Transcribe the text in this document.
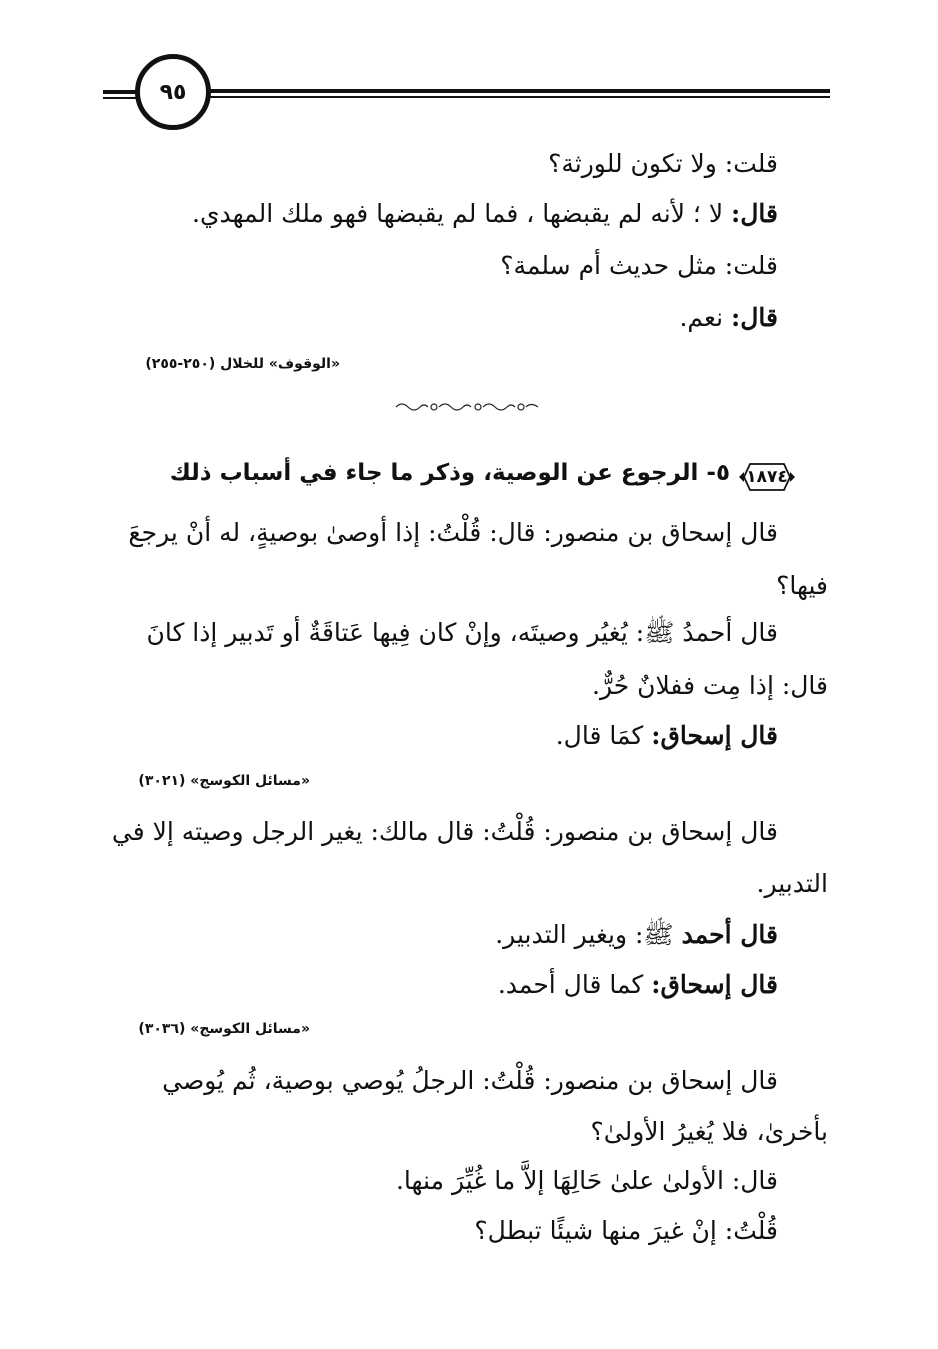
٩٥
قلت: ولا تكون للورثة؟
قال: لا ؛ لأنه لم يقبضها ، فما لم يقبضها فهو ملك المهدي.
قلت: مثل حديث أم سلمة؟
قال: نعم.
«الوقوف» للخلال (٢٥٠-٢٥٥)
١٨٧٤
٥- الرجوع عن الوصية، وذكر ما جاء في أسباب ذلك
قال إسحاق بن منصور: قال: قُلْتُ: إذا أوصىٰ بوصيةٍ، له أنْ يرجعَ
فيها؟
قال أحمدُ ﷺ: يُغيُر وصيتَه، وإنْ كان فِيها عَتاقَةٌ أو تَدبير إذا كانَ
قال: إذا مِت ففلانٌ حُرٌّ.
قال إسحاق: كمَا قال.
«مسائل الكوسج» (٣٠٢١)
قال إسحاق بن منصور: قُلْتُ: قال مالك: يغير الرجل وصيته إلا في
التدبير.
قال أحمد ﷺ: ويغير التدبير.
قال إسحاق: كما قال أحمد.
«مسائل الكوسج» (٣٠٣٦)
قال إسحاق بن منصور: قُلْتُ: الرجلُ يُوصي بوصية، ثُم يُوصي
بأخرىٰ، فلا يُغيرُ الأولىٰ؟
قال: الأولىٰ علىٰ حَالِهَا إلاَّ ما غُيِّرَ منها.
قُلْتُ: إنْ غيرَ منها شيئًا تبطل؟
